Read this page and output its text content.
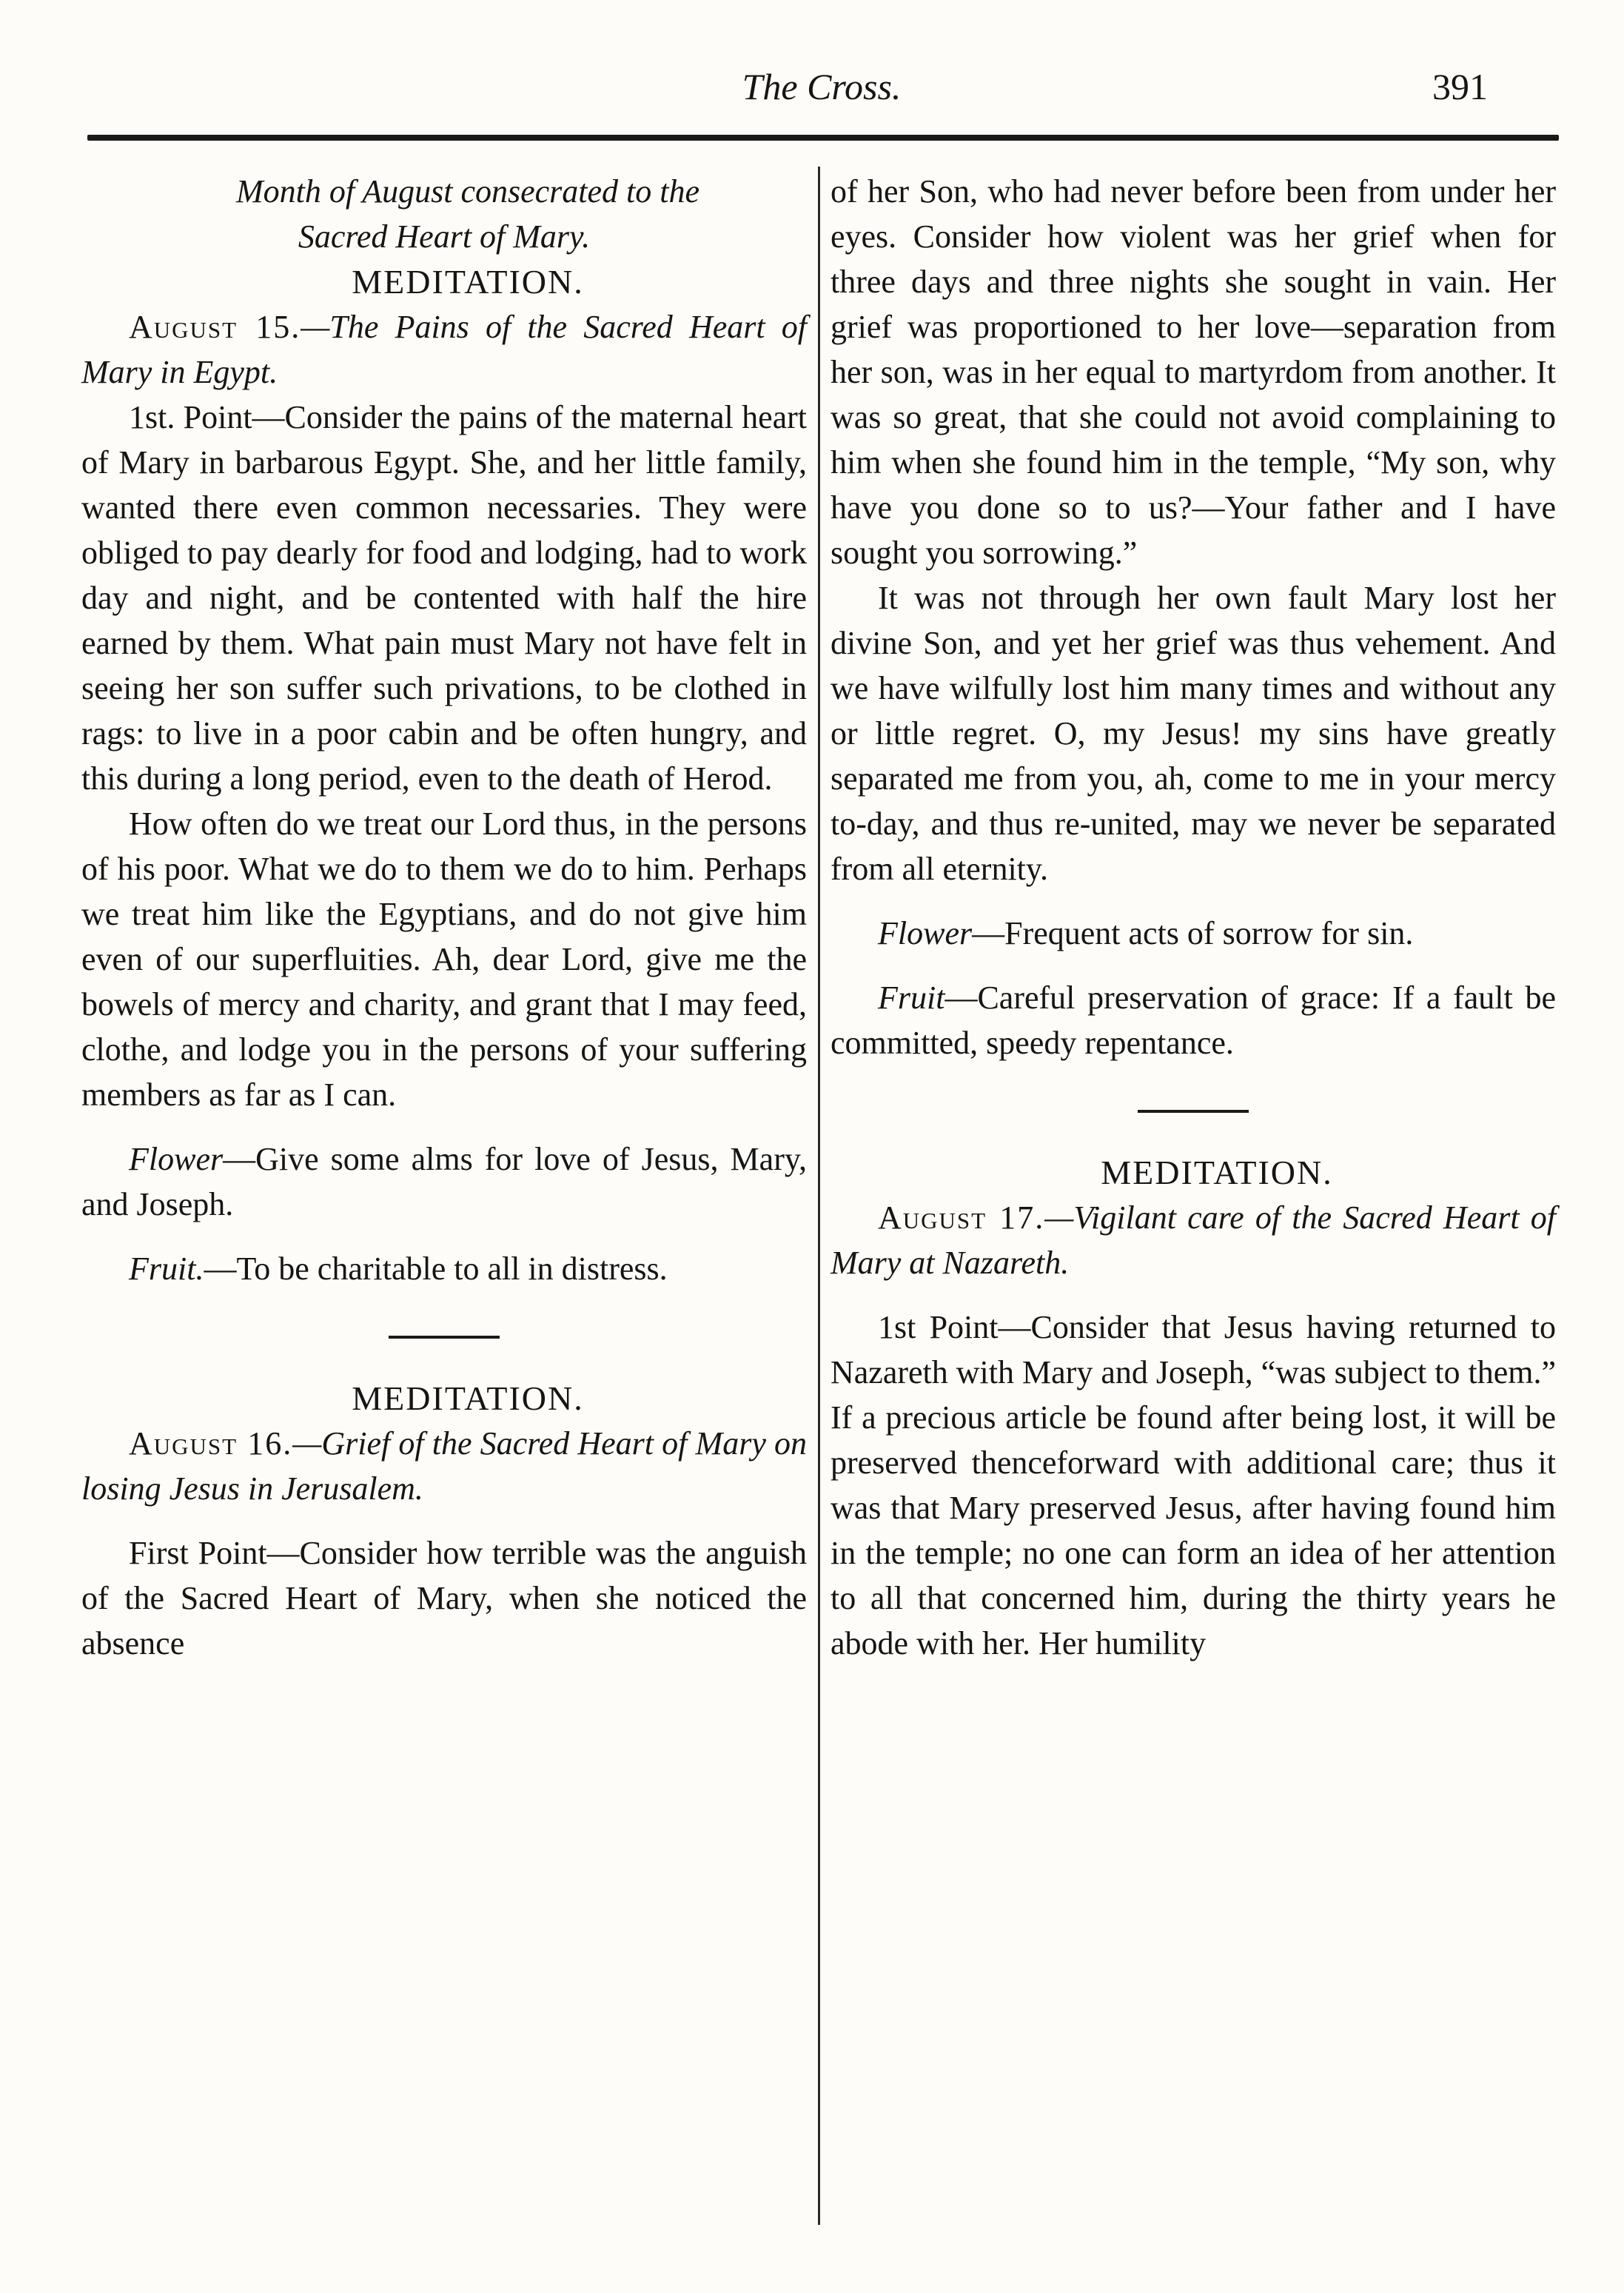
The Cross.	391

Month of August consecrated to the
Sacred Heart of Mary.

MEDITATION.

August 15.—The Pains of the Sacred Heart of Mary in Egypt.

1st. Point—Consider the pains of the maternal heart of Mary in barbarous Egypt. She, and her little family, wanted there even common necessaries. They were obliged to pay dearly for food and lodging, had to work day and night, and be contented with half the hire earned by them. What pain must Mary not have felt in seeing her son suffer such privations, to be clothed in rags: to live in a poor cabin and be often hungry, and this during a long period, even to the death of Herod.

How often do we treat our Lord thus, in the persons of his poor. What we do to them we do to him. Perhaps we treat him like the Egyptians, and do not give him even of our superfluities. Ah, dear Lord, give me the bowels of mercy and charity, and grant that I may feed, clothe, and lodge you in the persons of your suffering members as far as I can.

Flower—Give some alms for love of Jesus, Mary, and Joseph.

Fruit.—To be charitable to all in distress.

MEDITATION.

August 16.—Grief of the Sacred Heart of Mary on losing Jesus in Jerusalem.

First Point—Consider how terrible was the anguish of the Sacred Heart of Mary, when she noticed the absence

of her Son, who had never before been from under her eyes. Consider how violent was her grief when for three days and three nights she sought in vain. Her grief was proportioned to her love—separation from her son, was in her equal to martyrdom from another. It was so great, that she could not avoid complaining to him when she found him in the temple, “My son, why have you done so to us?—Your father and I have sought you sorrowing.”

It was not through her own fault Mary lost her divine Son, and yet her grief was thus vehement. And we have wilfully lost him many times and without any or little regret. O, my Jesus! my sins have greatly separated me from you, ah, come to me in your mercy to-day, and thus re-united, may we never be separated from all eternity.

Flower—Frequent acts of sorrow for sin.

Fruit—Careful preservation of grace: If a fault be committed, speedy repentance.

MEDITATION.

August 17.—Vigilant care of the Sacred Heart of Mary at Nazareth.

1st Point—Consider that Jesus having returned to Nazareth with Mary and Joseph, “was subject to them.” If a precious article be found after being lost, it will be preserved thenceforward with additional care; thus it was that Mary preserved Jesus, after having found him in the temple; no one can form an idea of her attention to all that concerned him, during the thirty years he abode with her. Her humility
